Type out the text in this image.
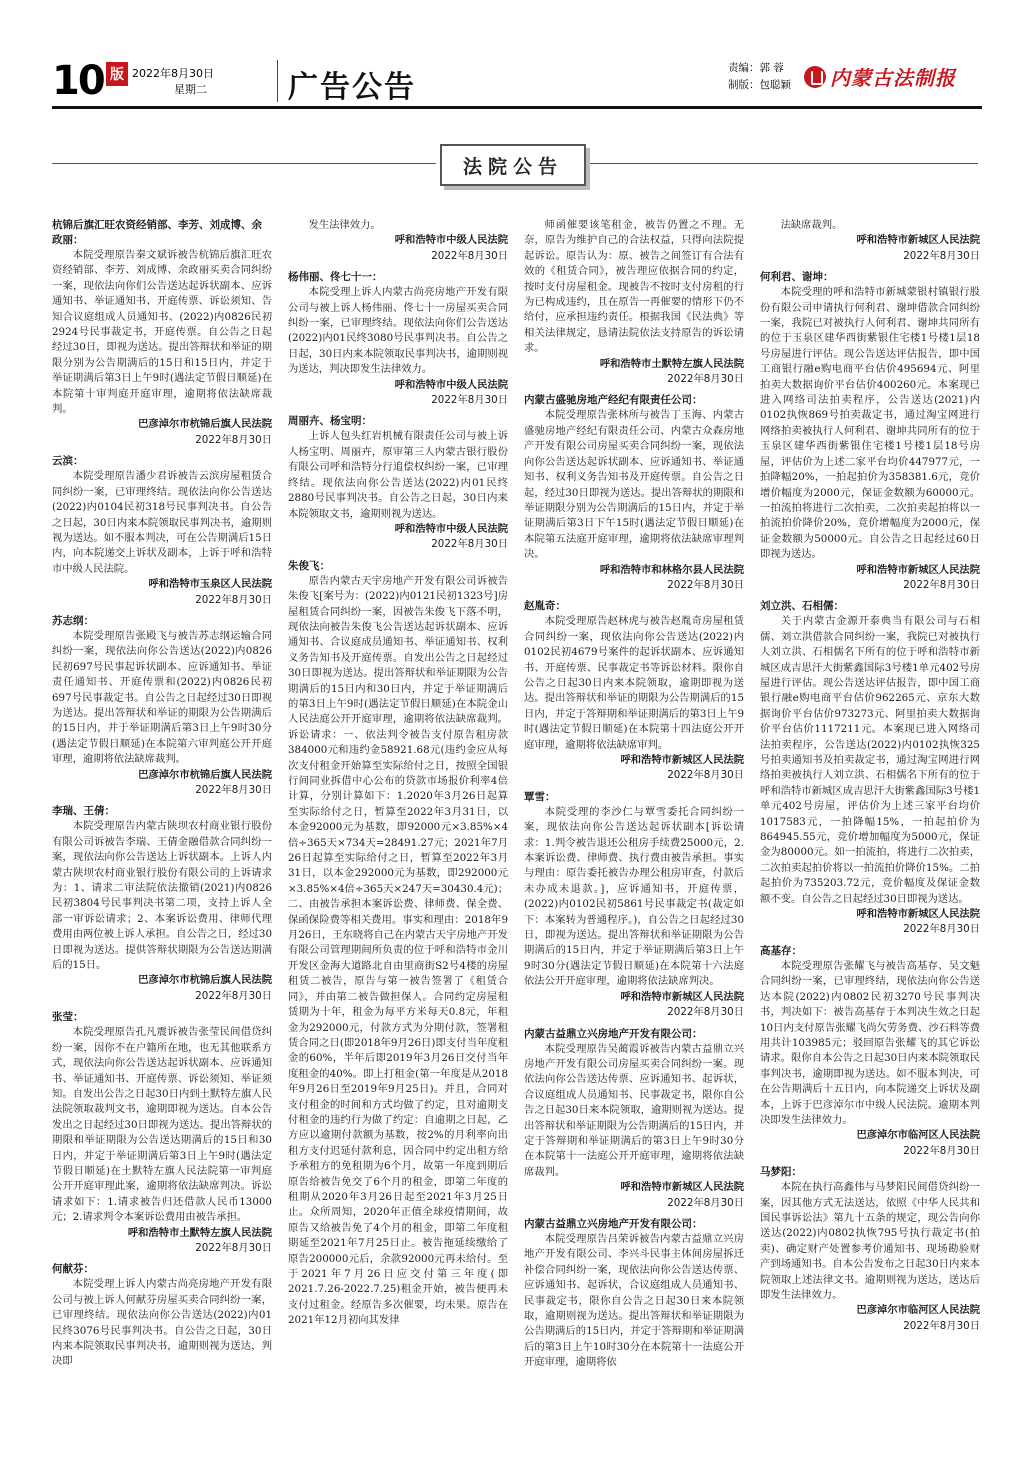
10 版 2022年8月30日
星期二	广告公告
责编：郭 蓉
制版：包聪颖 内蒙古法制报
法院公告

杭锦后旗汇旺农资经销部、李芳、刘成博、余政丽：

本院受理原告秦文斌诉被告杭锦后旗汇旺农资经销部、李芳、刘成博、余政丽买卖合同纠纷一案，现依法向你们公告送达起诉状副本、应诉通知书、举证通知书、开庭传票、诉讼须知、告知合议庭组成人员通知书、(2022)内0826民初2924号民事裁定书，开庭传票。自公告之日起经过30日，即视为送达。提出答辩状和举证的期限分别为公告期满后的15日和15日内，并定于举证期满后第3日上午9时(遇法定节假日顺延)在本院第十审判庭开庭审理，逾期将依法缺席裁判。

巴彦淖尔市杭锦后旗人民法院

2022年8月30日

云滨：

本院受理原告潘少君诉被告云滨房屋租赁合同纠纷一案，已审理终结。现依法向你公告送达(2022)内0104民初318号民事判决书。自公告之日起，30日内来本院领取民事判决书，逾期则视为送达。如不服本判决，可在公告期满后15日内，向本院递交上诉状及副本，上诉于呼和浩特市中级人民法院。

呼和浩特市玉泉区人民法院

2022年8月30日

苏志纲：

本院受理原告张殿飞与被告苏志纲运输合同纠纷一案，现依法向你公告送达(2022)内0826民初697号民事起诉状副本、应诉通知书、举证责任通知书、开庭传票和(2022)内0826民初697号民事裁定书。自公告之日起经过30日即视为送达。提出答辩状和举证的期限为公告期满后的15日内，并于举证期满后第3日上午9时30分(遇法定节假日顺延)在本院第六审判庭公开开庭审理，逾期将依法缺席裁判。

巴彦淖尔市杭锦后旗人民法院

2022年8月30日

李瑞、王倩：

本院受理原告内蒙古陕坝农村商业银行股份有限公司诉被告李瑞、王倩金融借款合同纠纷一案，现依法向你公告送达上诉状副本。上诉人内蒙古陕坝农村商业银行股份有限公司的上诉请求为：1、请求二审法院依法撤销(2021)内0826民初3804号民事判决书第二项，支持上诉人全部一审诉讼请求；2、本案诉讼费用、律师代理费用由两位被上诉人承担。自公告之日，经过30日即视为送达。提供答辩状期限为公告送达期满后的15日。

巴彦淖尔市杭锦后旗人民法院

2022年8月30日

张莹：

本院受理原告孔凡震诉被告张莹民间借贷纠纷一案，因你不在户籍所在地，也无其他联系方式，现依法向你公告送达起诉状副本、应诉通知书、举证通知书、开庭传票、诉讼须知、举证须知。自发出公告之日起30日内到土默特左旗人民法院领取裁判文书，逾期即视为送达。自本公告发出之日起经过30日即视为送达。提出答辩状的期限和举证期限为公告送达期满后的15日和30日内，并定于举证期满后第3日上午9时(遇法定节假日顺延)在土默特左旗人民法院第一审判庭公开开庭审理此案，逾期将依法缺席判决。诉讼请求如下：1.请求被告归还借款人民币13000元；2.请求判令本案诉讼费用由被告承担。

呼和浩特市土默特左旗人民法院

2022年8月30日

何献芬：

本院受理上诉人内蒙古尚亮房地产开发有限公司与被上诉人何献芬房屋买卖合同纠纷一案，已审理终结。现依法向你公告送达(2022)内01民终3076号民事判决书。自公告之日起，30日内来本院领取民事判决书，逾期则视为送达，判决即

发生法律效力。

呼和浩特市中级人民法院

2022年8月30日

杨伟丽、佟七十一：

本院受理上诉人内蒙古尚亮房地产开发有限公司与被上诉人杨伟丽、佟七十一房屋买卖合同纠纷一案，已审理终结。现依法向你们公告送达(2022)内01民终3080号民事判决书。自公告之日起，30日内来本院领取民事判决书，逾期则视为送达，判决即发生法律效力。

呼和浩特市中级人民法院

2022年8月30日

周丽卉、杨宝明：

上诉人包头红岩机械有限责任公司与被上诉人杨宝明、周丽卉，原审第三人内蒙古银行股份有限公司呼和浩特分行追偿权纠纷一案，已审理终结。现依法向你公告送达(2022)内01民终2880号民事判决书。自公告之日起，30日内来本院领取文书，逾期则视为送达。

呼和浩特市中级人民法院

2022年8月30日

朱俊飞：

原告内蒙古天宇房地产开发有限公司诉被告朱俊飞[案号为：(2022)内0121民初1323号]房屋租赁合同纠纷一案，因被告朱俊飞下落不明，现依法向被告朱俊飞公告送达起诉状副本、应诉通知书、合议庭成员通知书、举证通知书、权利义务告知书及开庭传票。自发出公告之日起经过30日即视为送达。提出答辩状和举证期限为公告期满后的15日内和30日内，并定于举证期满后的第3日上午9时(遇法定节假日顺延)在本院金山人民法庭公开开庭审理，逾期将依法缺席裁判。诉讼请求：一、依法判令被告支付原告租房款384000元和违约金58921.68元(违约金应从每次支付租金开始算至实际给付之日，按照全国银行间同业拆借中心公布的贷款市场报价利率4倍计算，分别计算如下：1.2020年3月26日起算至实际给付之日，暂算至2022年3月31日，以本金92000元为基数，即92000元×3.85%×4倍÷365天×734天=28491.27元；2021年7月26日起算至实际给付之日，暂算至2022年3月31日，以本金292000元为基数，即292000元×3.85%×4倍÷365天×247天=30430.4元)；二、由被告承担本案诉讼费、律师费、保全费、保函保险费等相关费用。事实和理由：2018年9月26日，王东晓将自己在内蒙古天宇房地产开发有限公司管理期间所负责的位于呼和浩特市金川开发区金海大道路北自由里商街S2号4楼的房屋租赁二被告，原告与第一被告签署了《租赁合同》，并由第二被告做担保人。合同约定房屋租赁期为十年，租金为每平方米每天0.8元，年租金为292000元，付款方式为分期付款，签署租赁合同之日(即2018年9月26日)即支付当年度租金的60%，半年后即2019年3月26日交付当年度租金的40%。即上打租金(第一年度是从2018年9月26日至2019年9月25日)。并且，合同对支付租金的时间和方式均做了约定，且对逾期支付租金的违约行为做了约定：自逾期之日起，乙方应以逾期付款额为基数，按2%的月利率向出租方支付迟延付款利息，因合同中约定出租方给予承租方的免租期为6个月，故第一年度到期后原告给被告免交了6个月的租金，即第二年度的租期从2020年3月26日起至2021年3月25日止。众所周知，2020年正值全球疫情期间，故原告又给被告免了4个月的租金，即第二年度租期延至2021年7月25日止。被告拖延续缴给了原告200000元后，余款92000元再未给付。至于2021年7月26日应交付第三年度(即2021.7.26-2022.7.25)租金开始，被告便再未支付过租金。经原告多次催要，均未果。原告在2021年12月初向其发律

师函催要该笔租金，被告仍置之不理。无奈，原告为维护自己的合法权益，只得向法院提起诉讼。原告认为：原、被告之间签订有合法有效的《租赁合同》，被告理应依据合同的约定，按时支付房屋租金。现被告不按时支付房租的行为已构成违约，且在原告一再催要的情形下仍不给付，应承担违约责任。根据我国《民法典》等相关法律规定，恳请法院依法支持原告的诉讼请求。

呼和浩特市土默特左旗人民法院

2022年8月30日

内蒙古盛驰房地产经纪有限责任公司：

本院受理原告张林所与被告丁玉海、内蒙古盛驰房地产经纪有限责任公司、内蒙古众森房地产开发有限公司房屋买卖合同纠纷一案，现依法向你公告送达起诉状副本、应诉通知书、举证通知书、权利义务告知书及开庭传票。自公告之日起，经过30日即视为送达。提出答辩状的期限和举证期限分别为公告期满后的15日内，并定于举证期满后第3日下午15时(遇法定节假日顺延)在本院第五法庭开庭审理，逾期将依法缺席审理判决。

呼和浩特市和林格尔县人民法院

2022年8月30日

赵胤奇：

本院受理原告赵林虎与被告赵胤奇房屋租赁合同纠纷一案，现依法向你公告送达(2022)内0102民初4679号案件的起诉状副本、应诉通知书、开庭传票、民事裁定书等诉讼材料。限你自公告之日起30日内来本院领取，逾期即视为送达。提出答辩状和举证的期限为公告期满后的15日内，并定于答辩期和举证期满后的第3日上午9时(遇法定节假日顺延)在本院第十四法庭公开开庭审理，逾期将依法缺席审判。

呼和浩特市新城区人民法院

2022年8月30日

覃雪：

本院受理的李沙仁与覃雪委托合同纠纷一案，现依法向你公告送达起诉状副本[诉讼请求：1.判令被告退还公租房手续费25000元，2.本案诉讼费、律师费、执行费由被告承担。事实与理由：原告委托被告办理公租房审查，付款后未办成未退款。]，应诉通知书，开庭传票，(2022)内0102民初5861号民事裁定书(裁定如下：本案转为普通程序。)，自公告之日起经过30日，即视为送达。提出答辩状和举证期限为公告期满后的15日内，并定于举证期满后第3日上午9时30分(遇法定节假日顺延)在本院第十六法庭依法公开开庭审理，逾期将依法缺席判决。

呼和浩特市新城区人民法院

2022年8月30日

内蒙古益鼎立兴房地产开发有限公司：

本院受理原告吴蔺霞诉被告内蒙古益鼎立兴房地产开发有限公司房屋买卖合同纠纷一案。现依法向你公告送达传票、应诉通知书、起诉状，合议庭组成人员通知书、民事裁定书，限你自公告之日起30日来本院领取，逾期则视为送达。提出答辩状和举证期限为公告期满后的15日内，并定于答辩期和举证期满后的第3日上午9时30分在本院第十一法庭公开开庭审理，逾期将依法缺席裁判。

呼和浩特市新城区人民法院

2022年8月30日

内蒙古益鼎立兴房地产开发有限公司：

本院受理原告吕荣诉被告内蒙古益鼎立兴房地产开发有限公司、李兴斗民事主体间房屋拆迁补偿合同纠纷一案，现依法向你公告送达传票、应诉通知书、起诉状，合议庭组成人员通知书、民事裁定书，限你自公告之日起30日来本院领取，逾期则视为送达。提出答辩状和举证期限为公告期满后的15日内，并定于答辩期和举证期满后的第3日上午10时30分在本院第十一法庭公开开庭审理，逾期将依

法缺席裁判。

呼和浩特市新城区人民法院

2022年8月30日

何利君、谢坤：

本院受理的呼和浩特市新城蒙银村镇银行股份有限公司申请执行何利君、谢坤借款合同纠纷一案，我院已对被执行人何利君、谢坤共同所有的位于玉泉区建华西街紫银住宅楼1号楼1层18号房屋进行评估。现公告送达评估报告，即中国工商银行融e购电商平台估价495694元、阿里拍卖大数据询价平台估价400260元。本案现已进入网络司法拍卖程序，公告送达(2021)内0102执恢869号拍卖裁定书，通过淘宝网进行网络拍卖被执行人何利君、谢坤共同所有的位于玉泉区建华西街紫银住宅楼1号楼1层18号房屋，评估价为上述二家平台均价447977元，一拍降幅20%，一拍起拍价为358381.6元，竞价增价幅度为2000元，保证金数额为60000元。一拍流拍将进行二次拍卖，二次拍卖起拍将以一拍流拍价降价20%，竞价增幅度为2000元，保证金数额为50000元。自公告之日起经过60日即视为送达。

呼和浩特市新城区人民法院

2022年8月30日

刘立洪、石相儒：

关于内蒙古金源开泰典当有限公司与石相儒、刘立洪借款合同纠纷一案，我院已对被执行人刘立洪、石相儒名下所有的位于呼和浩特市新城区成吉思汗大街紫鑫国际3号楼1单元402号房屋进行评估。现公告送达评估报告，即中国工商银行融e购电商平台估价962265元、京东大数据询价平台估价973273元、阿里拍卖大数据询价平台估价1117211元。本案现已进入网络司法拍卖程序，公告送达(2022)内0102执恢325号拍卖通知书及拍卖裁定书，通过淘宝网进行网络拍卖被执行人刘立洪、石相儒名下所有的位于呼和浩特市新城区成吉思汗大街紫鑫国际3号楼1单元402号房屋，评估价为上述三家平台均价1017583元，一拍降幅15%，一拍起拍价为864945.55元，竞价增加幅度为5000元，保证金为80000元。如一拍流拍，将进行二次拍卖，二次拍卖起拍价将以一拍流拍价降价15%。二拍起拍价为735203.72元，竞价幅度及保证金数额不变。自公告之日起经过30日即视为送达。

呼和浩特市新城区人民法院

2022年8月30日

高基存：

本院受理原告张耀飞与被告高基存、吴文魁合同纠纷一案，已审理终结，现依法向你公告送达本院(2022)内0802民初3270号民事判决书，判决如下：被告高基存于本判决生效之日起10日内支付原告张耀飞尚欠劳务费、沙石料等费用共计103985元；驳回原告张耀飞的其它诉讼请求。限你自本公告之日起30日内来本院领取民事判决书，逾期即视为送达。如不服本判决，可在公告期满后十五日内，向本院递交上诉状及副本，上诉于巴彦淖尔市中级人民法院。逾期本判决即发生法律效力。

巴彦淖尔市临河区人民法院

2022年8月30日

马梦阳：

本院在执行高鑫伟与马梦阳民间借贷纠纷一案，因其他方式无法送达，依照《中华人民共和国民事诉讼法》第九十五条的规定，现公告向你送达(2022)内0802执恢795号执行裁定书(拍卖)、确定财产处置参考价通知书、现场勘验财产到场通知书。自本公告发布之日起30日内来本院领取上述法律文书。逾期则视为送达，送达后即发生法律效力。

巴彦淖尔市临河区人民法院

2022年8月30日
